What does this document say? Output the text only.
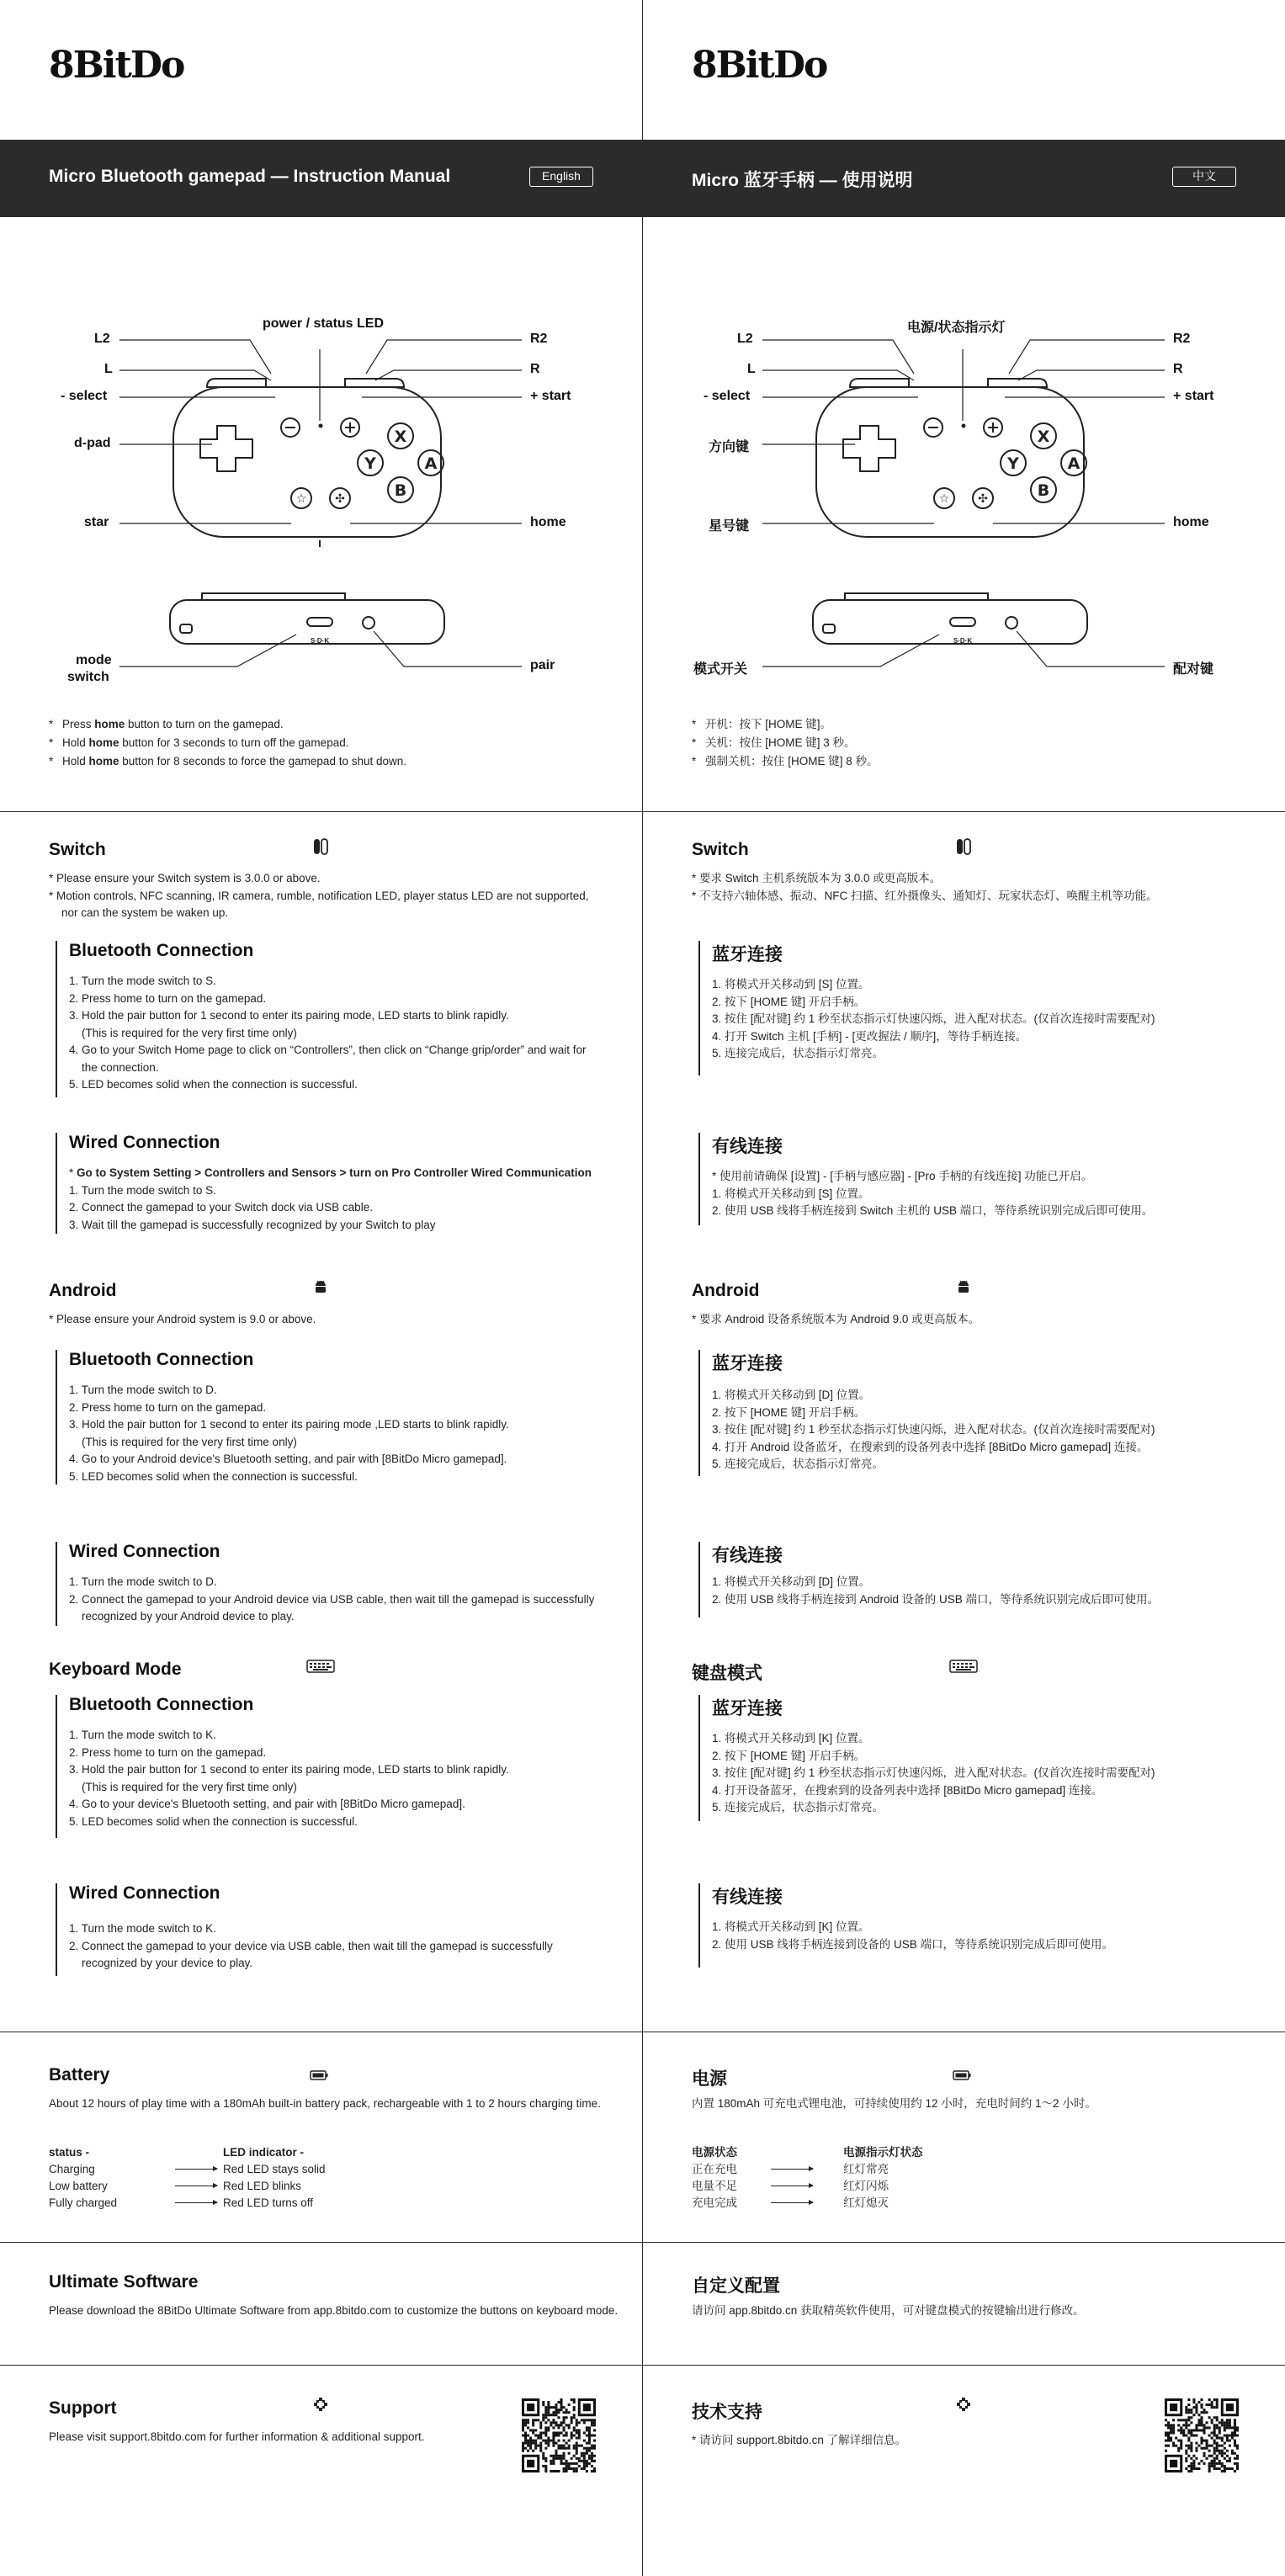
8BitDo
Micro Bluetooth gamepad — Instruction Manual	English
X
Y	A
B
☆ ✣
S·D·K
L2
L
- select
d-pad
star
power / status LED
R2
R
+ start
home
mode
switch
pair
* Press home button to turn on the gamepad.
* Hold home button for 3 seconds to turn off the gamepad.
* Hold home button for 8 seconds to force the gamepad to shut down.
Switch

* Please ensure your Switch system is 3.0.0 or above.

* Motion controls, NFC scanning, IR camera, rumble, notification LED, player status LED are not supported,

nor can the system be waken up.

Bluetooth Connection

1. Turn the mode switch to S.

2. Press home to turn on the gamepad.

3. Hold the pair button for 1 second to enter its pairing mode, LED starts to blink rapidly.

(This is required for the very first time only)

4. Go to your Switch Home page to click on “Controllers”, then click on “Change grip/order” and wait for

the connection.

5. LED becomes solid when the connection is successful.

Wired Connection

* Go to System Setting > Controllers and Sensors > turn on Pro Controller Wired Communication

1. Turn the mode switch to S.

2. Connect the gamepad to your Switch dock via USB cable.

3. Wait till the gamepad is successfully recognized by your Switch to play

Android

* Please ensure your Android system is 9.0 or above.

Bluetooth Connection

1. Turn the mode switch to D.

2. Press home to turn on the gamepad.

3. Hold the pair button for 1 second to enter its pairing mode ,LED starts to blink rapidly.

(This is required for the very first time only)

4. Go to your Android device's Bluetooth setting, and pair with [8BitDo Micro gamepad].

5. LED becomes solid when the connection is successful.

Wired Connection

1. Turn the mode switch to D.

2. Connect the gamepad to your Android device via USB cable, then wait till the gamepad is successfully

recognized by your Android device to play.

Keyboard Mode
Bluetooth Connection

1. Turn the mode switch to K.

2. Press home to turn on the gamepad.

3. Hold the pair button for 1 second to enter its pairing mode, LED starts to blink rapidly.

(This is required for the very first time only)

4. Go to your device's Bluetooth setting, and pair with [8BitDo Micro gamepad].

5. LED becomes solid when the connection is successful.

Wired Connection

1. Turn the mode switch to K.

2. Connect the gamepad to your device via USB cable, then wait till the gamepad is successfully

recognized by your device to play.

Battery
About 12 hours of play time with a 180mAh built-in battery pack, rechargeable with 1 to 2 hours charging time.
status -	LED indicator -
Charging	Red LED stays solid
Low battery	Red LED blinks
Fully charged	Red LED turns off
Ultimate Software
Please download the 8BitDo Ultimate Software from app.8bitdo.com to customize the buttons on keyboard mode.
Support
Please visit support.8bitdo.com for further information & additional support.
8BitDo
Micro 蓝牙手柄 — 使用说明	中文
X
Y	A
B
☆ ✣
S·D·K
L2
L
- select
方向键
星号键
电源/状态指示灯
R2
R
+ start
home
模式开关	配对键
* 开机：按下 [HOME 键]。
* 关机：按住 [HOME 键] 3 秒。
* 强制关机：按住 [HOME 键] 8 秒。
Switch

* 要求 Switch 主机系统版本为 3.0.0 或更高版本。

* 不支持六轴体感、振动、NFC 扫描、红外摄像头、通知灯、玩家状态灯、唤醒主机等功能。

蓝牙连接

1. 将模式开关移动到 [S] 位置。

2. 按下 [HOME 键] 开启手柄。

3. 按住 [配对键] 约 1 秒至状态指示灯快速闪烁，进入配对状态。(仅首次连接时需要配对)

4. 打开 Switch 主机 [手柄] - [更改握法 / 顺序]，等待手柄连接。

5. 连接完成后，状态指示灯常亮。

有线连接

* 使用前请确保 [设置] - [手柄与感应器] - [Pro 手柄的有线连接] 功能已开启。

1. 将模式开关移动到 [S] 位置。

2. 使用 USB 线将手柄连接到 Switch 主机的 USB 端口，等待系统识别完成后即可使用。

Android

* 要求 Android 设备系统版本为 Android 9.0 或更高版本。

蓝牙连接

1. 将模式开关移动到 [D] 位置。

2. 按下 [HOME 键] 开启手柄。

3. 按住 [配对键] 约 1 秒至状态指示灯快速闪烁，进入配对状态。(仅首次连接时需要配对)

4. 打开 Android 设备蓝牙，在搜索到的设备列表中选择 [8BitDo Micro gamepad] 连接。

5. 连接完成后，状态指示灯常亮。

有线连接

1. 将模式开关移动到 [D] 位置。

2. 使用 USB 线将手柄连接到 Android 设备的 USB 端口，等待系统识别完成后即可使用。

键盘模式
蓝牙连接

1. 将模式开关移动到 [K] 位置。

2. 按下 [HOME 键] 开启手柄。

3. 按住 [配对键] 约 1 秒至状态指示灯快速闪烁，进入配对状态。(仅首次连接时需要配对)

4. 打开设备蓝牙，在搜索到的设备列表中选择 [8BitDo Micro gamepad] 连接。

5. 连接完成后，状态指示灯常亮。

有线连接

1. 将模式开关移动到 [K] 位置。

2. 使用 USB 线将手柄连接到设备的 USB 端口，等待系统识别完成后即可使用。

电源
内置 180mAh 可充电式锂电池，可持续使用约 12 小时，充电时间约 1～2 小时。
电源状态	电源指示灯状态
正在充电	红灯常亮
电量不足	红灯闪烁
充电完成	红灯熄灭
自定义配置
请访问 app.8bitdo.cn 获取精英软件使用，可对键盘模式的按键输出进行修改。
技术支持

* 请访问 support.8bitdo.cn 了解详细信息。
